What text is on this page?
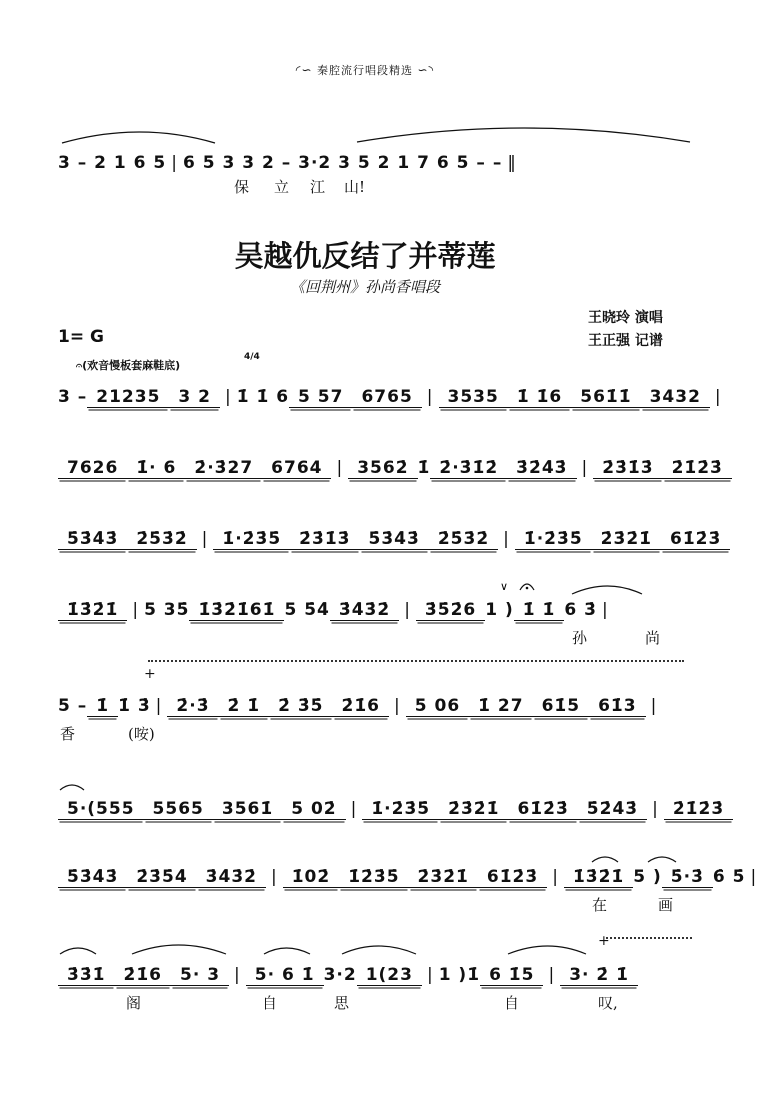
◜∽ 秦腔流行唱段精选 ∽◝
3 – 2 1 6 5 | 6 5 3 3 2 – 3·2 3 5 2 1 7 6 5 – – ‖
保 立 江 山!
吴越仇反结了并蒂莲
《回荆州》孙尚香唱段
王晓玲 演唱
王正强 记谱
1= G
𝄐(欢音慢板套麻鞋底)
4/4
3 – 21235	3 2 | 1̇ 1̇ 6 5 57	6765 | 3535	1̇ 1̇6	561̇1̇	3432 |
7626	1̇· 6	2̇·3̇27	6764 | 3562̇ 1̇ 2̇·3̇1̇2̇	3̇2̇4̇3̇ | 2̇3̇1̇3̇	2̇1̇2̇3̇
5̇3̇4̇3̇	2̇5̇3̇2̇ | 1̇·2̇3̇5̇	2̇3̇1̇3̇	5̇3̇4̇3̇	2̇5̇3̇2̇ | 1̇·2̇3̇5̇	2̇3̇2̇1̇	61̇2̇3̇
∨
1̇3̇2̇1̇ | 5 35̇ 1̇3̇2̇1̇61̇ 5 5̇4̇ 3̇4̇3̇2̇ | 3̇5̇2̇6 1 ) 1̇ 1̇ 6 3̇ |
孙	尚
+
5 – 1̇ 1̇ 3̇ | 2̇·3̇	2̇ 1̇	2̇ 3̇5̇	2̇1̇6 | 5 06	1̇ 27	61̇5	61̇3 |
香	(咹)
5·(555	5565	3561̇	5 02̇ | 1̇·2̇3̇5̇	2̇3̇2̇1̇	61̇2̇3̇	5̇2̇4̇3̇ | 2̇1̇2̇3̇
5̇3̇4̇3̇	2̇3̇5̇4̇	3̇4̇3̇2̇ | 1̇02̇	1̇2̇3̇5̇	2̇3̇2̇1̇	61̇2̇3̇ | 1̇3̇2̇1̇ 5 ) 5̇·3̇ 6̇ 5̇ |
在	画
+
3̇3̇1̇	2̇1̇6	5· 3 | 5· 6 1̇ 3·2 1(23 | 1 ) 1̇ 6 1̇5 | 3· 2̇ 1̇
阁	自	思	自	叹,
